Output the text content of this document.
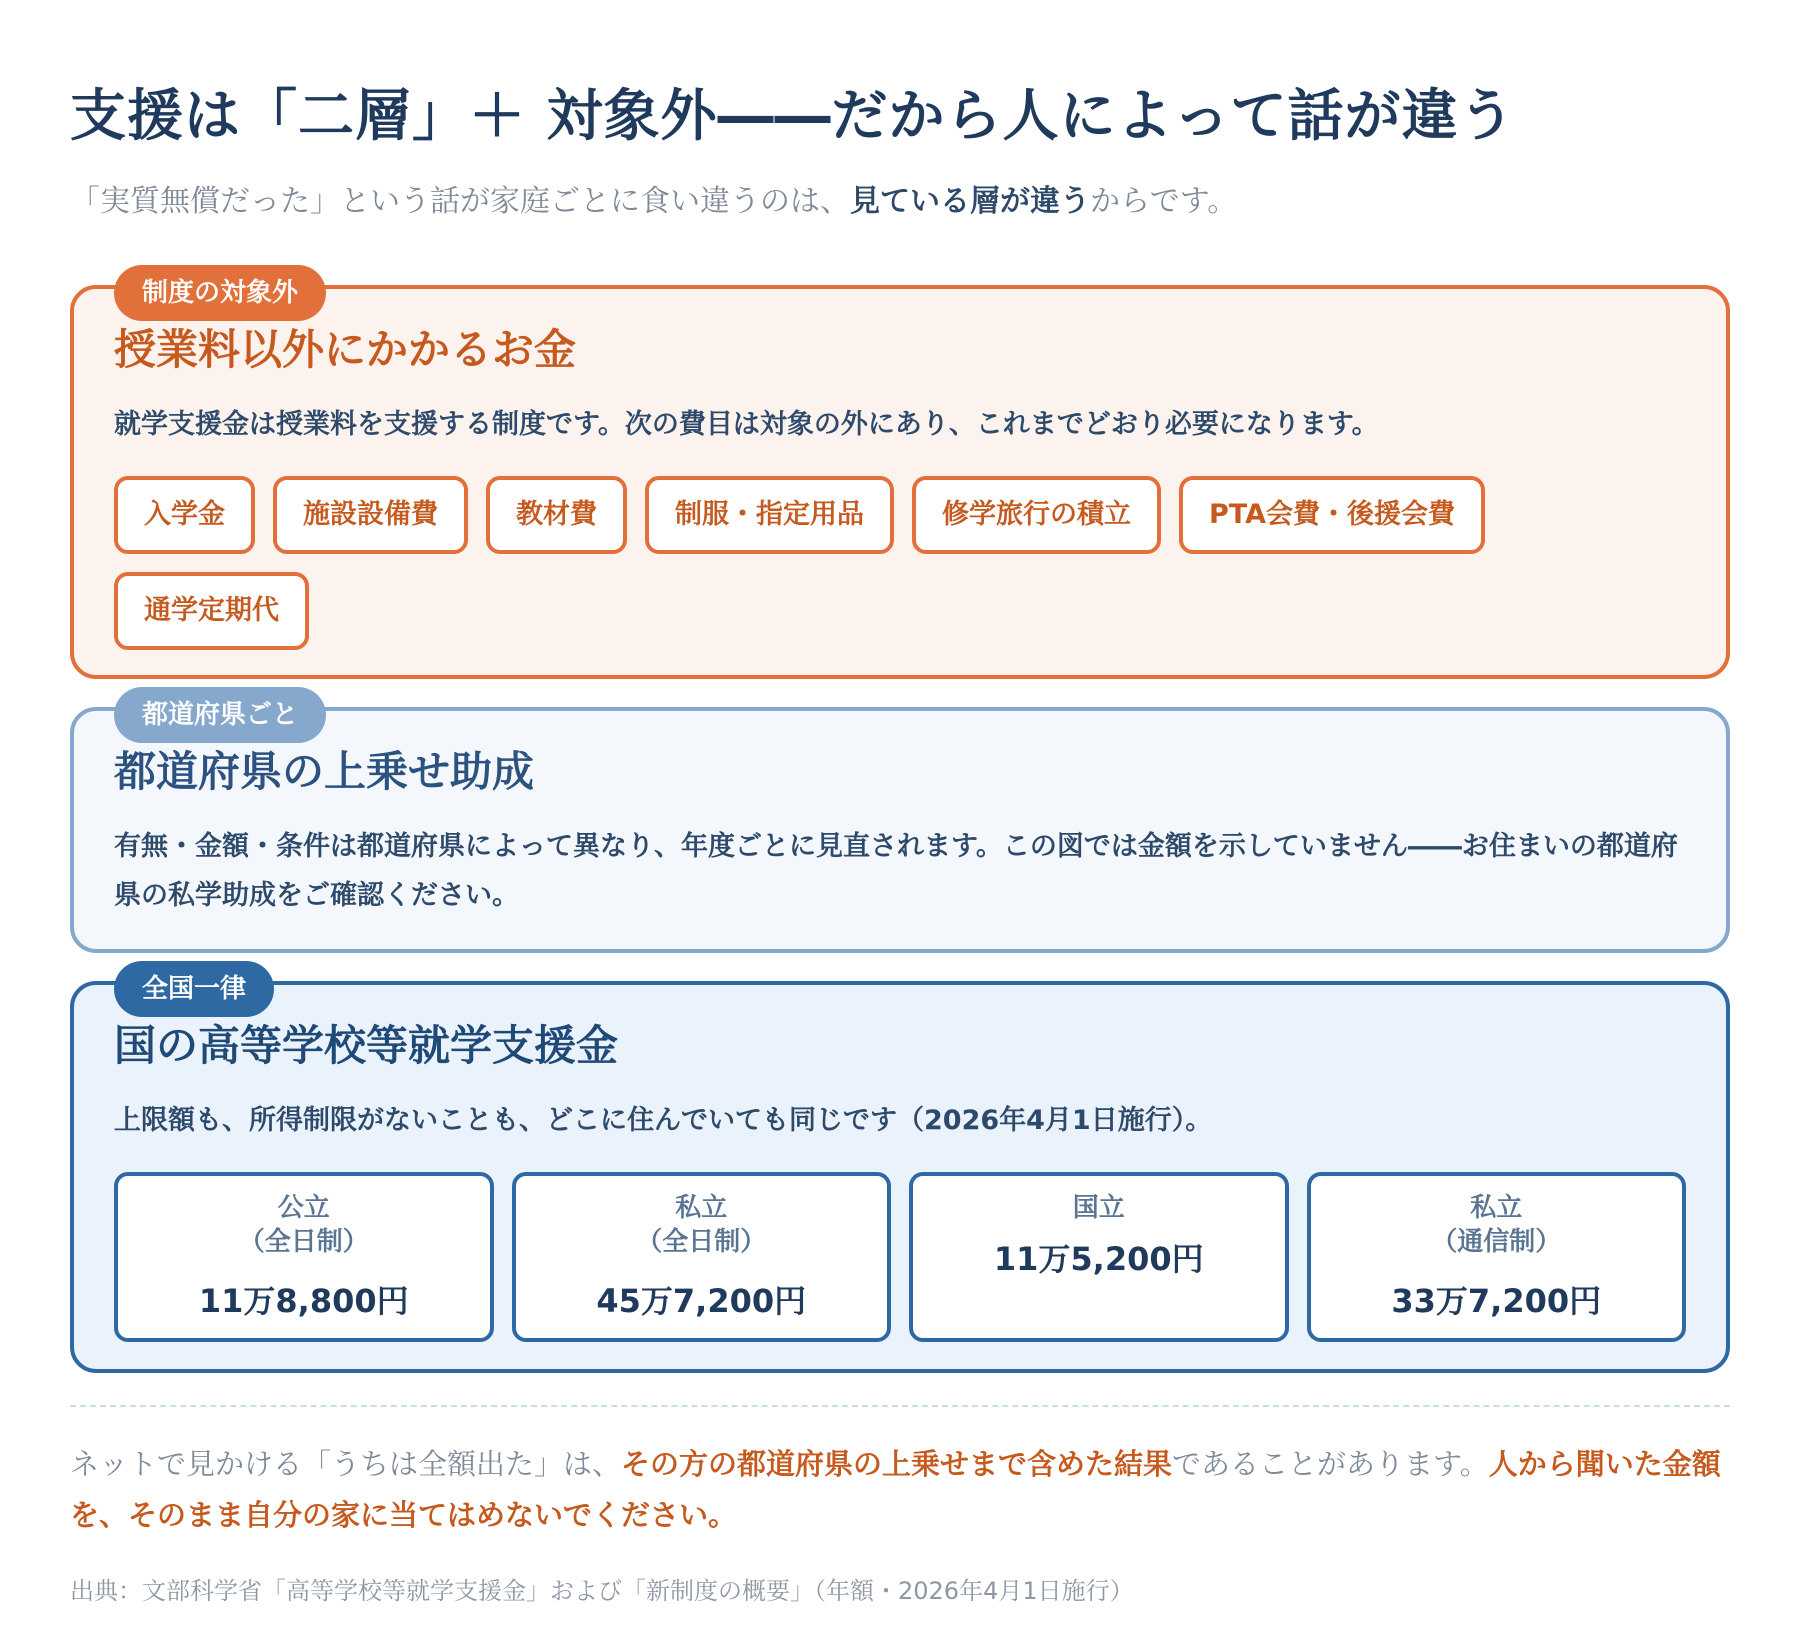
支援は「二層」＋ 対象外――だから人によって話が違う

「実質無償だった」という話が家庭ごとに食い違うのは、見ている層が違うからです。

制度の対象外
授業料以外にかかるお金

就学支援金は授業料を支援する制度です。次の費目は対象の外にあり、これまでどおり必要になります。

入学金	施設設備費	教材費	制服・指定用品	修学旅行の積立	PTA会費・後援会費
通学定期代
都道府県ごと
都道府県の上乗せ助成

有無・金額・条件は都道府県によって異なり、年度ごとに見直されます。この図では金額を示していません――お住まいの都道府県の私学助成をご確認ください。

全国一律
国の高等学校等就学支援金

上限額も、所得制限がないことも、どこに住んでいても同じです（2026年4月1日施行）。

公立
（全日制）
11万8,800円
私立
（全日制）
45万7,200円
国立
11万5,200円
私立
（通信制）
33万7,200円

ネットで見かける「うちは全額出た」は、その方の都道府県の上乗せまで含めた結果であることがあります。人から聞いた金額を、そのまま自分の家に当てはめないでください。

出典：文部科学省「高等学校等就学支援金」および「新制度の概要」（年額・2026年4月1日施行）
